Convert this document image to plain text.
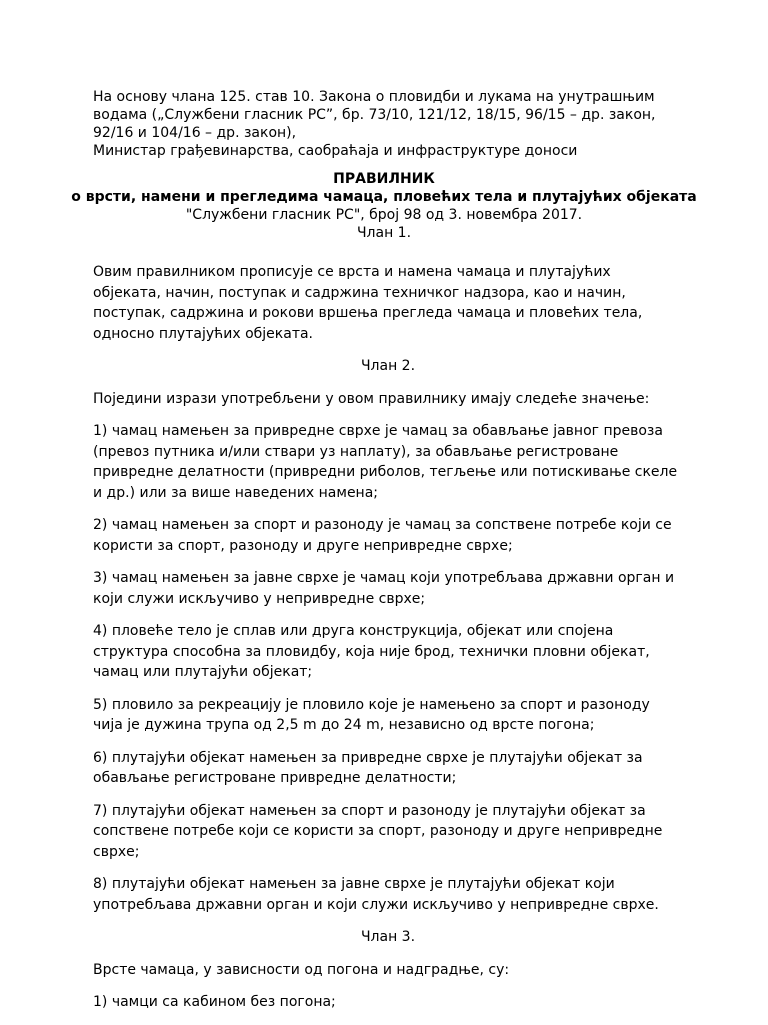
На основу члана 125. став 10. Закона о пловидби и лукама на унутрашњим водама („Службени гласник РС”, бр. 73/10, 121/12, 18/15, 96/15 – др. закон, 92/16 и 104/16 – др. закон),

Министар грађевинарства, саобраћаја и инфраструктуре доноси

ПРАВИЛНИК

о врсти, намени и прегледима чамаца, пловећих тела и плутајућих објеката

"Службени гласник РС", број 98 од 3. новембра 2017.

Члан 1.

Овим правилником прописује се врста и намена чамаца и плутајућих објеката, начин, поступак и садржина техничког надзора, као и начин, поступак, садржина и рокови вршења прегледа чамаца и пловећих тела, односно плутајућих објеката.

Члан 2.

Поједини изрази употребљени у овом правилнику имају следеће значење:

1) чамац намењен за привредне сврхе је чамац за обављање јавног превоза (превоз путника и/или ствари уз наплату), за обављање регистроване привредне делатности (привредни риболов, тегљење или потискивање скеле и др.) или за више наведених намена;

2) чамац намењен за спорт и разоноду је чамац за сопствене потребе који се користи за спорт, разоноду и друге непривредне сврхе;

3) чамац намењен за јавне сврхе је чамац који употребљава државни орган и који служи искључиво у непривредне сврхе;

4) плoвеће тело је сплав или друга конструкција, објекат или спојена структура способна за пловидбу, која није брод, технички пловни објекат, чамац или плутајући објекат;

5) пловило за рекреацију је пловило које је намењено за спорт и разоноду чија је дужина трупа од 2,5 m до 24 m, независно од врсте погона;

6) плутајући објекат намењен за привредне сврхе је плутајући објекат за обављање регистроване привредне делатности;

7) плутајући објекат намењен за спорт и разоноду је плутајући објекат за сопствене потребе који се користи за спорт, разоноду и друге непривредне сврхе;

8) плутајући објекат намењен за јавне сврхе је плутајући објекат који употребљава државни орган и који служи искључиво у непривредне сврхе.

Члан 3.

Врсте чамаца, у зависности од погона и надградње, су:

1) чамци са кабином без погона;
